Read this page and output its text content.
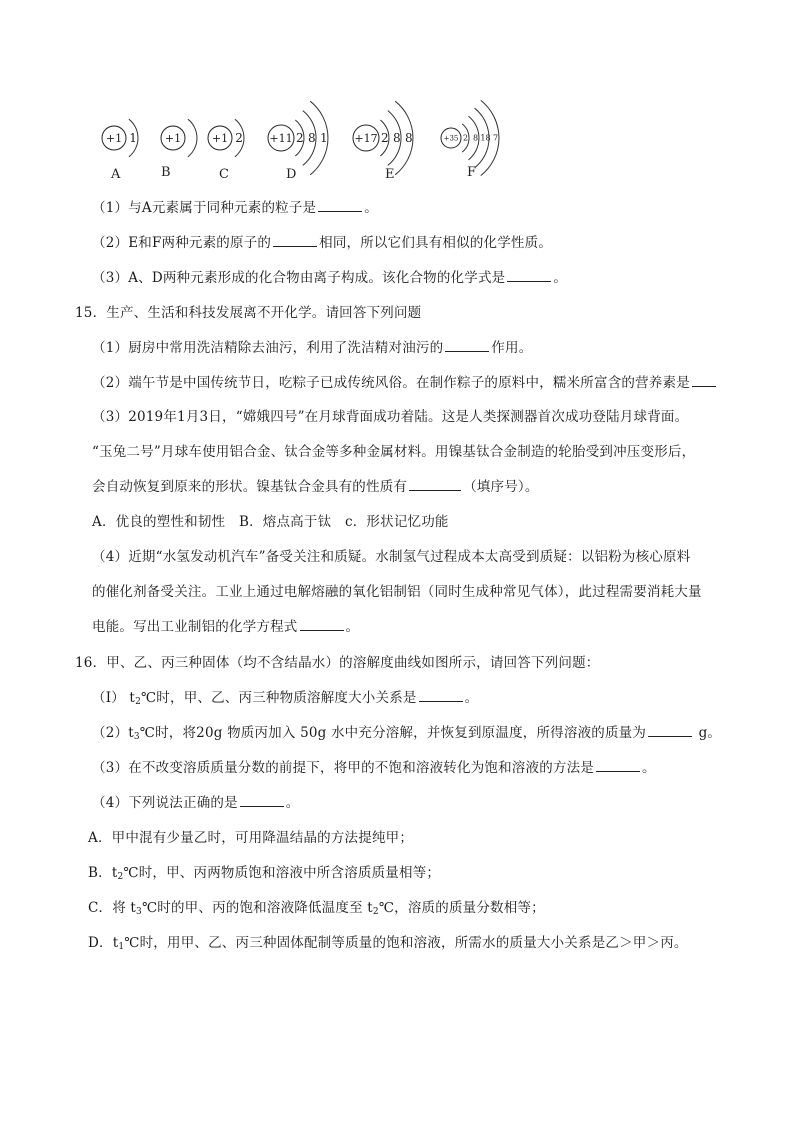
+1 1
A
+1
B
+1 2
C
+11 2 8 1
D
+17 2 8 8
E
+35 2 8 18 7
F
（1）与A元素属于同种元素的粒子是	。
（2）E和F两种元素的原子的	相同，所以它们具有相似的化学性质。
（3）A、D两种元素形成的化合物由离子构成。该化合物的化学式是	。
15．生产、生活和科技发展离不开化学。请回答下列问题
（1）厨房中常用洗洁精除去油污，利用了洗洁精对油污的	作用。
（2）端午节是中国传统节日，吃粽子已成传统风俗。在制作粽子的原料中，糯米所富含的营养素是
（3）2019年1月3日，“嫦娥四号”在月球背面成功着陆。这是人类探测器首次成功登陆月球背面。
“玉兔二号”月球车使用铝合金、钛合金等多种金属材料。用镍基钛合金制造的轮胎受到冲压变形后，
会自动恢复到原来的形状。镍基钛合金具有的性质有	（填序号）。
A．优良的塑性和韧性　B．熔点高于钛　c．形状记忆功能
（4）近期“水氢发动机汽车”备受关注和质疑。水制氢气过程成本太高受到质疑：以铝粉为核心原料
的催化剂备受关注。工业上通过电解熔融的氧化铝制铝（同时生成种常见气体），此过程需要消耗大量
电能。写出工业制铝的化学方程式	。
16．甲、乙、丙三种固体（均不含结晶水）的溶解度曲线如图所示，请回答下列问题：
（I） $t_2℃$时，甲、乙、丙三种物质溶解度大小关系是	。
$(2)t_3℃$时，将20g 物质丙加入 50g 水中充分溶解，并恢复到原温度，所得溶液的质量为	g。
（3）在不改变溶质质量分数的前提下，将甲的不饱和溶液转化为饱和溶液的方法是	。
（4）下列说法正确的是	。
A．甲中混有少量乙时，可用降温结晶的方法提纯甲；
B．$t_2℃$时，甲、丙两物质饱和溶液中所含溶质质量相等；
C．将 $t_3℃$时的甲、丙的饱和溶液降低温度至 $t_2℃$，溶质的质量分数相等；
D．$t_1℃$时，用甲、乙、丙三种固体配制等质量的饱和溶液，所需水的质量大小关系是乙＞甲＞丙。
